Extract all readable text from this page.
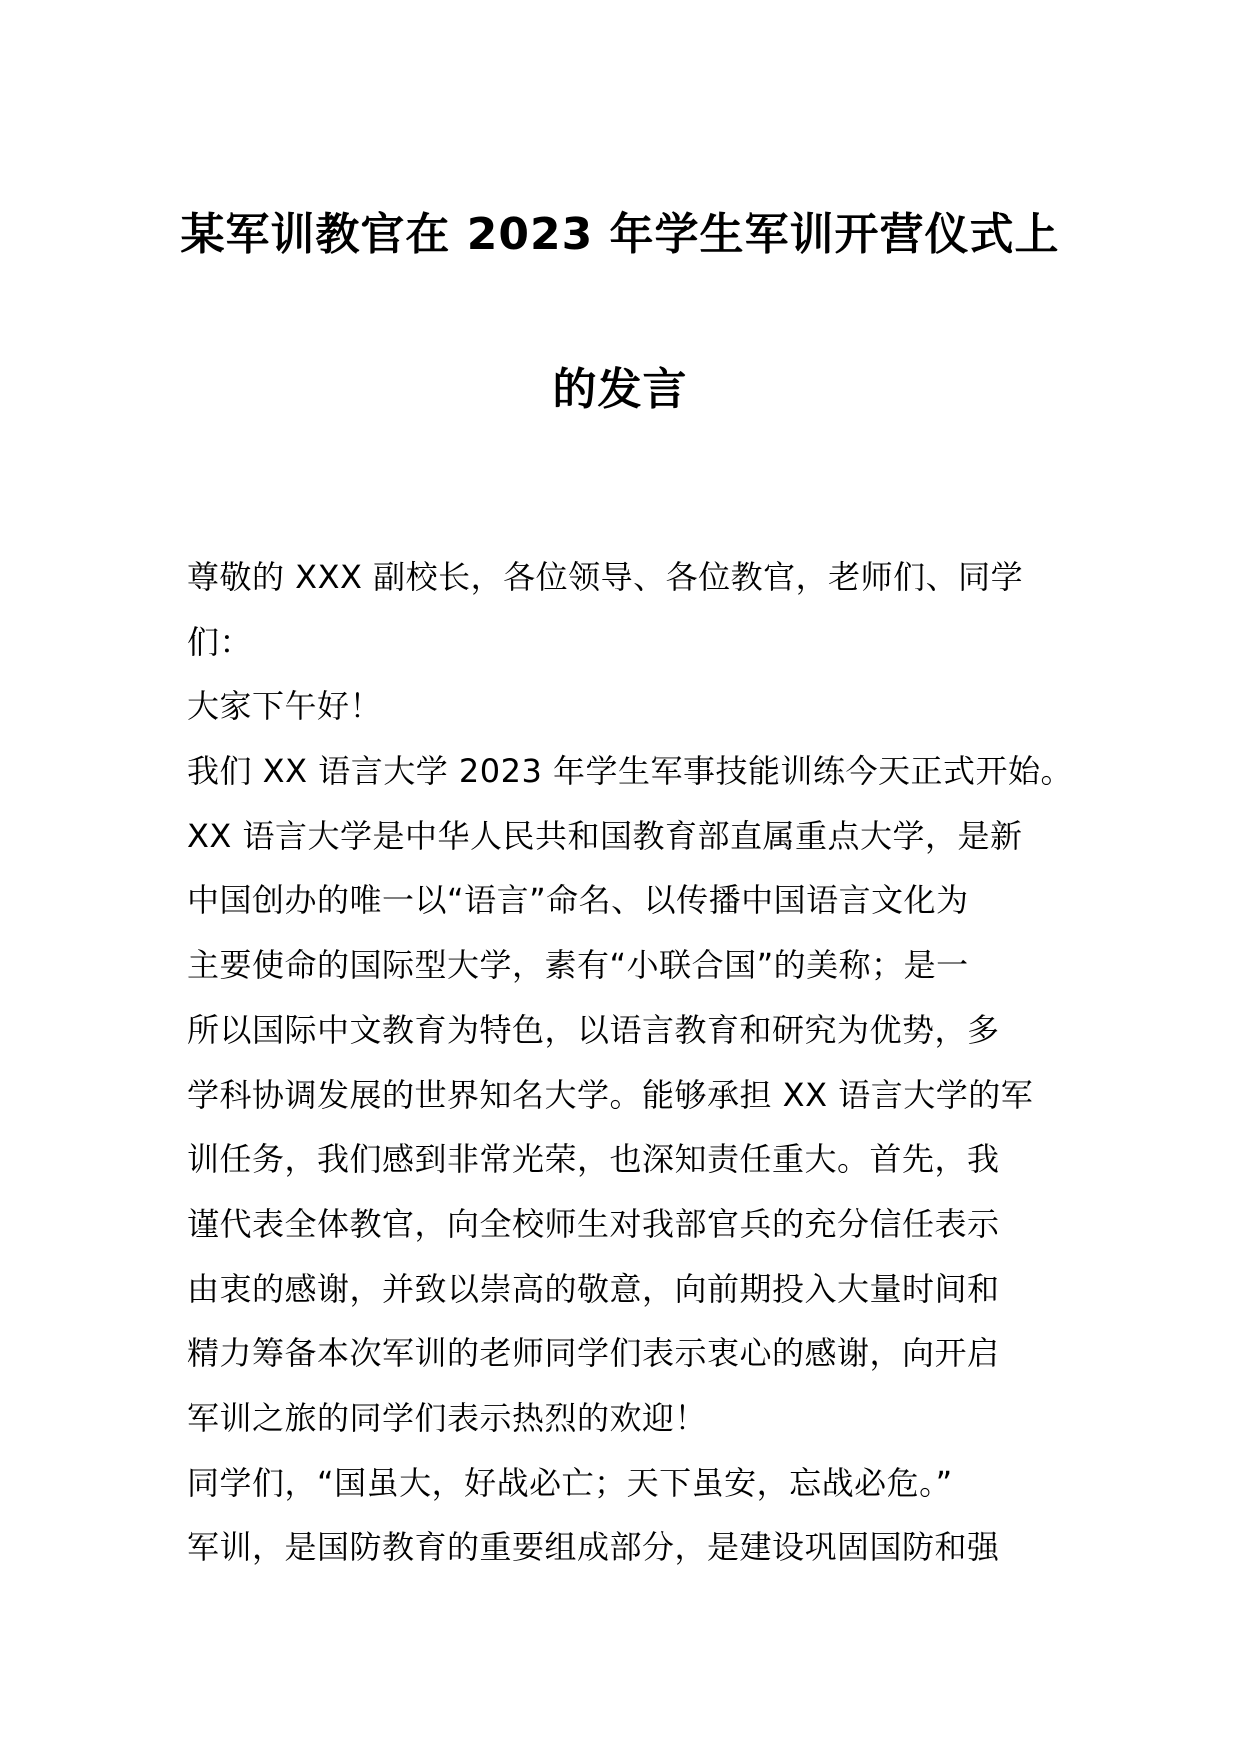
某军训教官在 2023 年学生军训开营仪式上
的发言
尊敬的 XXX 副校长，各位领导、各位教官，老师们、同学
们：
大家下午好！
我们 XX 语言大学 2023 年学生军事技能训练今天正式开始。
XX 语言大学是中华人民共和国教育部直属重点大学，是新
中国创办的唯一以“语言”命名、以传播中国语言文化为
主要使命的国际型大学，素有“小联合国”的美称；是一
所以国际中文教育为特色，以语言教育和研究为优势，多
学科协调发展的世界知名大学。能够承担 XX 语言大学的军
训任务，我们感到非常光荣，也深知责任重大。首先，我
谨代表全体教官，向全校师生对我部官兵的充分信任表示
由衷的感谢，并致以崇高的敬意，向前期投入大量时间和
精力筹备本次军训的老师同学们表示衷心的感谢，向开启
军训之旅的同学们表示热烈的欢迎！
同学们，“国虽大，好战必亡；天下虽安，忘战必危。”
军训，是国防教育的重要组成部分，是建设巩固国防和强
